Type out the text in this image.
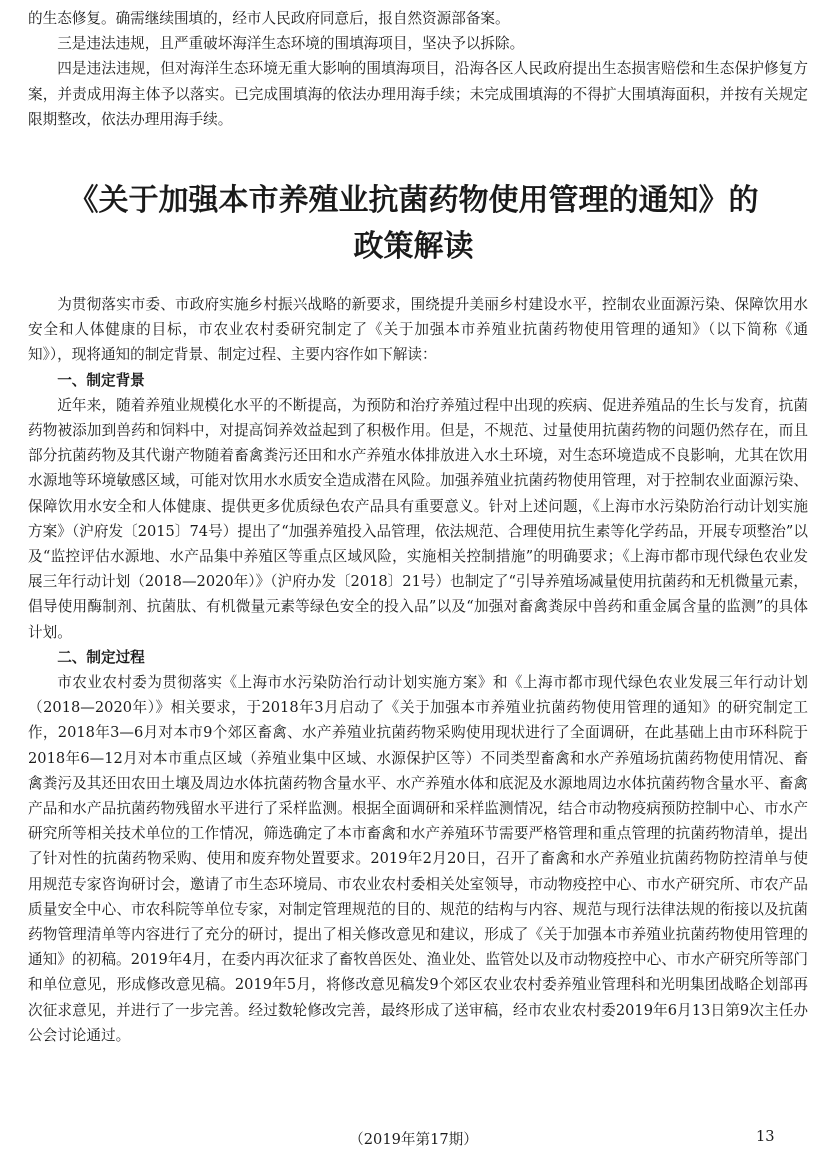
的生态修复。确需继续围填的，经市人民政府同意后，报自然资源部备案。

三是违法违规，且严重破坏海洋生态环境的围填海项目，坚决予以拆除。

四是违法违规，但对海洋生态环境无重大影响的围填海项目，沿海各区人民政府提出生态损害赔偿和生态保护修复方案，并责成用海主体予以落实。已完成围填海的依法办理用海手续；未完成围填海的不得扩大围填海面积，并按有关规定限期整改，依法办理用海手续。

《关于加强本市养殖业抗菌药物使用管理的通知》的
政策解读

为贯彻落实市委、市政府实施乡村振兴战略的新要求，围绕提升美丽乡村建设水平，控制农业面源污染、保障饮用水安全和人体健康的目标，市农业农村委研究制定了《关于加强本市养殖业抗菌药物使用管理的通知》（以下简称《通知》），现将通知的制定背景、制定过程、主要内容作如下解读：

一、制定背景

近年来，随着养殖业规模化水平的不断提高，为预防和治疗养殖过程中出现的疾病、促进养殖品的生长与发育，抗菌药物被添加到兽药和饲料中，对提高饲养效益起到了积极作用。但是，不规范、过量使用抗菌药物的问题仍然存在，而且部分抗菌药物及其代谢产物随着畜禽粪污还田和水产养殖水体排放进入水土环境，对生态环境造成不良影响，尤其在饮用水源地等环境敏感区域，可能对饮用水水质安全造成潜在风险。加强养殖业抗菌药物使用管理，对于控制农业面源污染、保障饮用水安全和人体健康、提供更多优质绿色农产品具有重要意义。针对上述问题，《上海市水污染防治行动计划实施方案》（沪府发〔2015〕74号）提出了“加强养殖投入品管理，依法规范、合理使用抗生素等化学药品，开展专项整治”以及“监控评估水源地、水产品集中养殖区等重点区域风险，实施相关控制措施”的明确要求；《上海市都市现代绿色农业发展三年行动计划（2018—2020年）》（沪府办发〔2018〕21号）也制定了“引导养殖场减量使用抗菌药和无机微量元素，倡导使用酶制剂、抗菌肽、有机微量元素等绿色安全的投入品”以及“加强对畜禽粪尿中兽药和重金属含量的监测”的具体计划。

二、制定过程

市农业农村委为贯彻落实《上海市水污染防治行动计划实施方案》和《上海市都市现代绿色农业发展三年行动计划（2018—2020年）》相关要求，于2018年3月启动了《关于加强本市养殖业抗菌药物使用管理的通知》的研究制定工作，2018年3—6月对本市9个郊区畜禽、水产养殖业抗菌药物采购使用现状进行了全面调研，在此基础上由市环科院于2018年6—12月对本市重点区域（养殖业集中区域、水源保护区等）不同类型畜禽和水产养殖场抗菌药物使用情况、畜禽粪污及其还田农田土壤及周边水体抗菌药物含量水平、水产养殖水体和底泥及水源地周边水体抗菌药物含量水平、畜禽产品和水产品抗菌药物残留水平进行了采样监测。根据全面调研和采样监测情况，结合市动物疫病预防控制中心、市水产研究所等相关技术单位的工作情况，筛选确定了本市畜禽和水产养殖环节需要严格管理和重点管理的抗菌药物清单，提出了针对性的抗菌药物采购、使用和废弃物处置要求。2019年2月20日，召开了畜禽和水产养殖业抗菌药物防控清单与使用规范专家咨询研讨会，邀请了市生态环境局、市农业农村委相关处室领导，市动物疫控中心、市水产研究所、市农产品质量安全中心、市农科院等单位专家，对制定管理规范的目的、规范的结构与内容、规范与现行法律法规的衔接以及抗菌药物管理清单等内容进行了充分的研讨，提出了相关修改意见和建议，形成了《关于加强本市养殖业抗菌药物使用管理的通知》的初稿。2019年4月，在委内再次征求了畜牧兽医处、渔业处、监管处以及市动物疫控中心、市水产研究所等部门和单位意见，形成修改意见稿。2019年5月，将修改意见稿发9个郊区农业农村委养殖业管理科和光明集团战略企划部再次征求意见，并进行了一步完善。经过数轮修改完善，最终形成了送审稿，经市农业农村委2019年6月13日第9次主任办公会讨论通过。

（2019年第17期）	13
